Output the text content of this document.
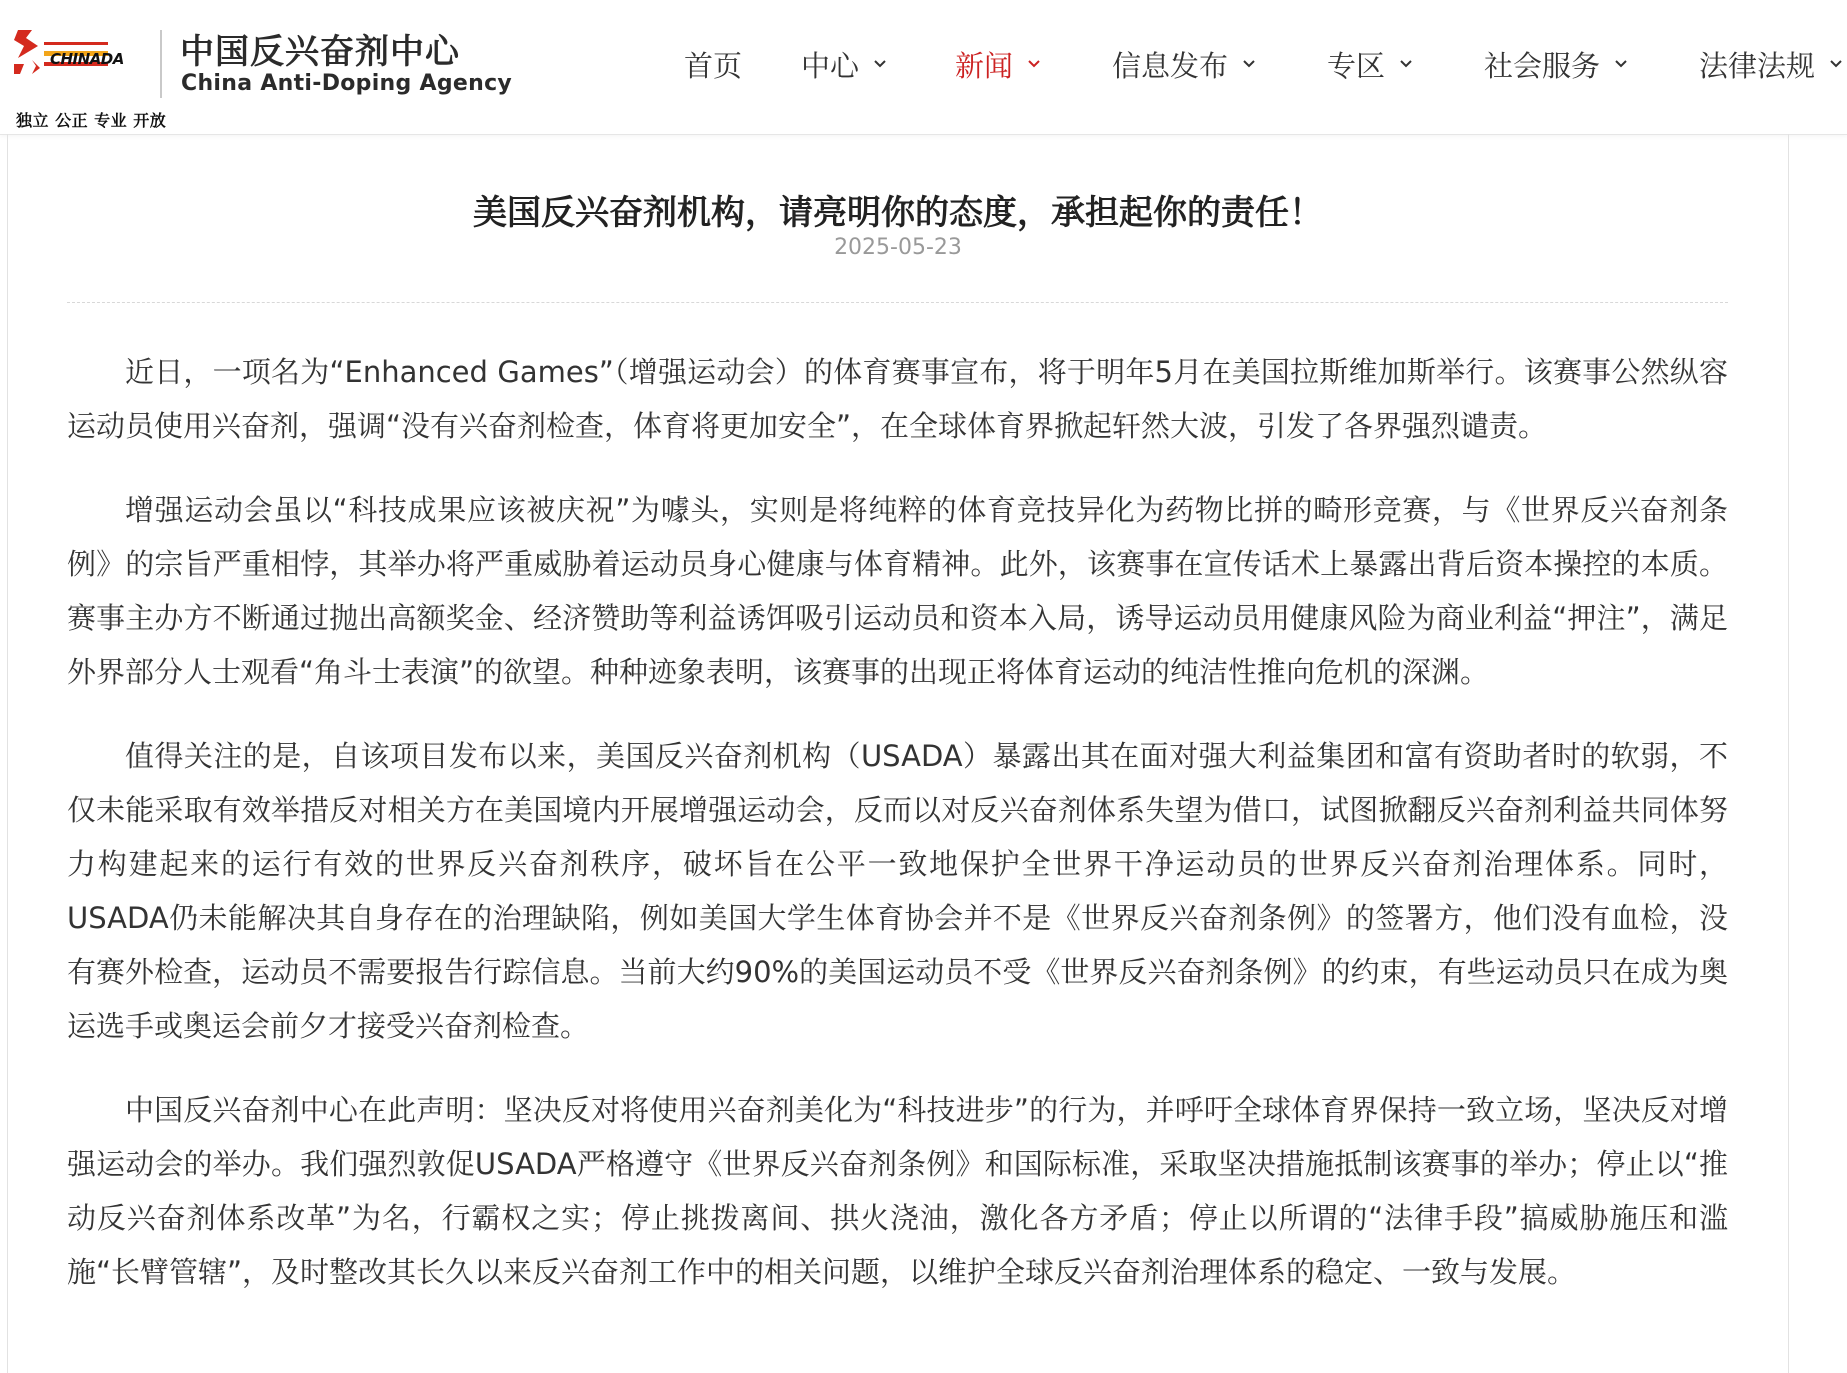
CHINADA
独立 公正 专业 开放
中国反兴奋剂中心
China Anti-Doping Agency
首页 中心	新闻	信息发布	专区	社会服务	法律法规
美国反兴奋剂机构，请亮明你的态度，承担起你的责任！
2025-05-23

近日，一项名为“Enhanced Games”（增强运动会）的体育赛事宣布，将于明年5月在美国拉斯维加斯举行。该赛事公然纵容运动员使用兴奋剂，强调“没有兴奋剂检查，体育将更加安全”，在全球体育界掀起轩然大波，引发了各界强烈谴责。

增强运动会虽以“科技成果应该被庆祝”为噱头，实则是将纯粹的体育竞技异化为药物比拼的畸形竞赛，与《世界反兴奋剂条例》的宗旨严重相悖，其举办将严重威胁着运动员身心健康与体育精神。此外，该赛事在宣传话术上暴露出背后资本操控的本质。赛事主办方不断通过抛出高额奖金、经济赞助等利益诱饵吸引运动员和资本入局，诱导运动员用健康风险为商业利益“押注”，满足外界部分人士观看“角斗士表演”的欲望。种种迹象表明，该赛事的出现正将体育运动的纯洁性推向危机的深渊。

值得关注的是，自该项目发布以来，美国反兴奋剂机构（USADA）暴露出其在面对强大利益集团和富有资助者时的软弱，不仅未能采取有效举措反对相关方在美国境内开展增强运动会，反而以对反兴奋剂体系失望为借口，试图掀翻反兴奋剂利益共同体努力构建起来的运行有效的世界反兴奋剂秩序，破坏旨在公平一致地保护全世界干净运动员的世界反兴奋剂治理体系。同时，USADA仍未能解决其自身存在的治理缺陷，例如美国大学生体育协会并不是《世界反兴奋剂条例》的签署方，他们没有血检，没有赛外检查，运动员不需要报告行踪信息。当前大约90%的美国运动员不受《世界反兴奋剂条例》的约束，有些运动员只在成为奥运选手或奥运会前夕才接受兴奋剂检查。

中国反兴奋剂中心在此声明：坚决反对将使用兴奋剂美化为“科技进步”的行为，并呼吁全球体育界保持一致立场，坚决反对增强运动会的举办。我们强烈敦促USADA严格遵守《世界反兴奋剂条例》和国际标准，采取坚决措施抵制该赛事的举办；停止以“推动反兴奋剂体系改革”为名，行霸权之实；停止挑拨离间、拱火浇油，激化各方矛盾；停止以所谓的“法律手段”搞威胁施压和滥施“长臂管辖”，及时整改其长久以来反兴奋剂工作中的相关问题，以维护全球反兴奋剂治理体系的稳定、一致与发展。
